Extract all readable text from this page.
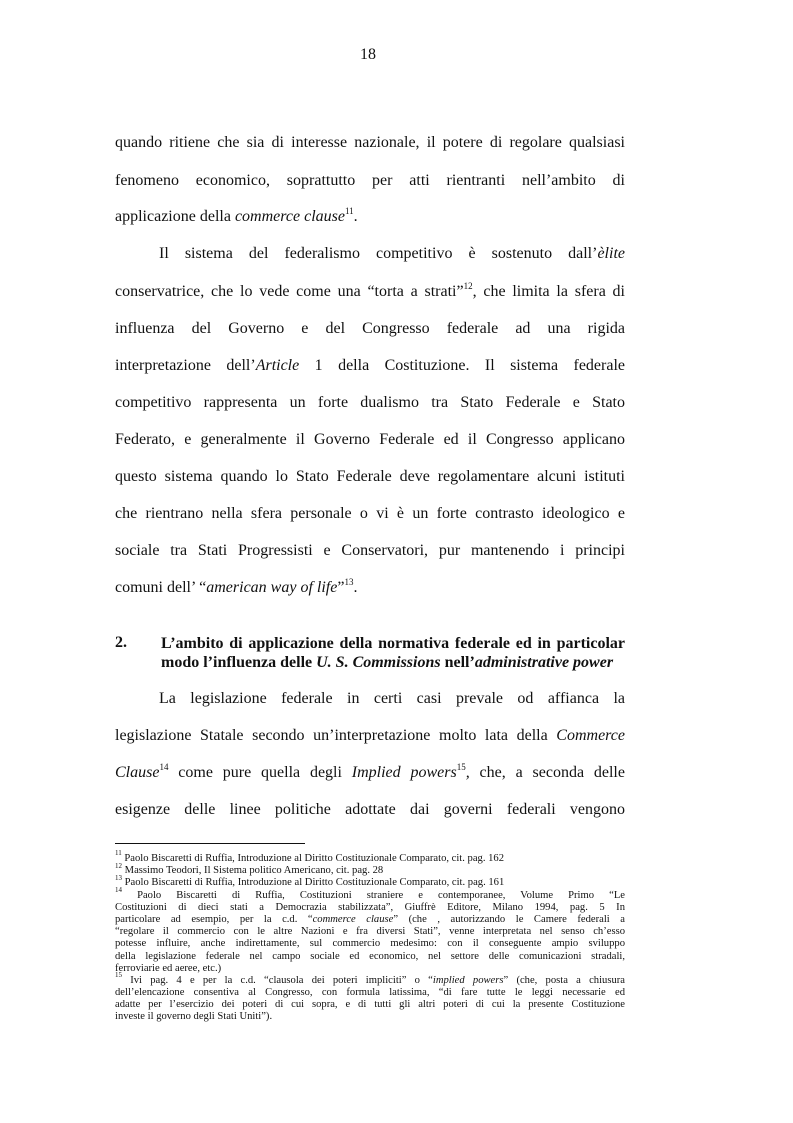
18
quando ritiene che sia di interesse nazionale, il potere di regolare qualsiasi
fenomeno economico, soprattutto per atti rientranti nell’ambito di
applicazione della commerce clause$^{11}$.
Il sistema del federalismo competitivo è sostenuto dall’èlite
conservatrice, che lo vede come una “torta a strati”$^{12}$, che limita la sfera di
influenza del Governo e del Congresso federale ad una rigida
interpretazione dell’Article 1 della Costituzione. Il sistema federale
competitivo rappresenta un forte dualismo tra Stato Federale e Stato
Federato, e generalmente il Governo Federale ed il Congresso applicano
questo sistema quando lo Stato Federale deve regolamentare alcuni istituti
che rientrano nella sfera personale o vi è un forte contrasto ideologico e
sociale tra Stati Progressisti e Conservatori, pur mantenendo i principi
comuni dell’ “american way of life”$^{13}$.
2. L’ambito di applicazione della normativa federale ed in particolar
modo l’influenza delle U. S. Commissions nell’administrative power
La legislazione federale in certi casi prevale od affianca la
legislazione Statale secondo un’interpretazione molto lata della Commerce
Clause$^{14}$ come pure quella degli Implied powers$^{15}$, che, a seconda delle
esigenze delle linee politiche adottate dai governi federali vengono
$^{11}$ Paolo Biscaretti di Ruffia, Introduzione al Diritto Costituzionale Comparato, cit. pag. 162
$^{12}$ Massimo Teodori, Il Sistema politico Americano, cit. pag. 28
$^{13}$ Paolo Biscaretti di Ruffia, Introduzione al Diritto Costituzionale Comparato, cit. pag. 161
$^{14}$ Paolo Biscaretti di Ruffia, Costituzioni straniere e contemporanee, Volume Primo “Le
Costituzioni di dieci stati a Democrazia stabilizzata”, Giuffrè Editore, Milano 1994, pag. 5 In
particolare ad esempio, per la c.d. “commerce clause” (che , autorizzando le Camere federali a
“regolare il commercio con le altre Nazioni e fra diversi Stati”, venne interpretata nel senso ch’esso
potesse influire, anche indirettamente, sul commercio medesimo: con il conseguente ampio sviluppo
della legislazione federale nel campo sociale ed economico, nel settore delle comunicazioni stradali,
ferroviarie ed aeree, etc.)
$^{15}$ Ivi pag. 4 e per la c.d. “clausola dei poteri impliciti” o “implied powers” (che, posta a chiusura
dell’elencazione consentiva al Congresso, con formula latissima, “di fare tutte le leggi necessarie ed
adatte per l’esercizio dei poteri di cui sopra, e di tutti gli altri poteri di cui la presente Costituzione
investe il governo degli Stati Uniti”).
